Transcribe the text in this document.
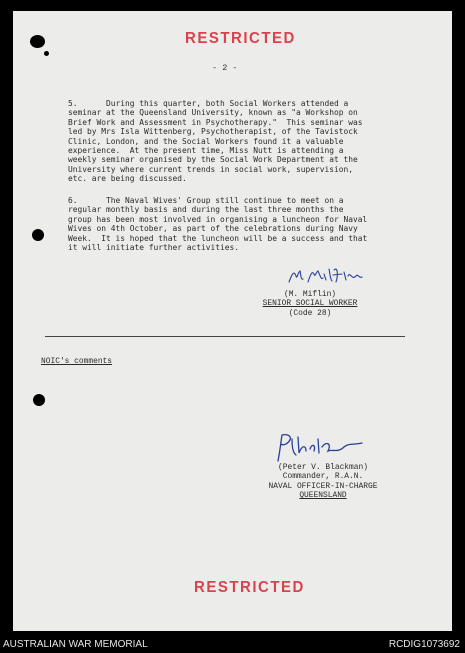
RESTRICTED
- 2 -
5.      During this quarter, both Social Workers attended a
seminar at the Queensland University, known as "a Workshop on
Brief Work and Assessment in Psychotherapy."  This seminar was
led by Mrs Isla Wittenberg, Psychotherapist, of the Tavistock
Clinic, London, and the Social Workers found it a valuable
experience.  At the present time, Miss Nutt is attending a
weekly seminar organised by the Social Work Department at the
University where current trends in social work, supervision,
etc. are being discussed.
6.      The Naval Wives' Group still continue to meet on a
regular monthly basis and during the last three months the
group has been most involved in organising a luncheon for Naval
Wives on 4th October, as part of the celebrations during Navy
Week.  It is hoped that the luncheon will be a success and that
it will initiate further activities.
(M. Miflin)
SENIOR SOCIAL WORKER
(Code 28)
NOIC's comments
(Peter V. Blackman)
Commander, R.A.N.
NAVAL OFFICER-IN-CHARGE
QUEENSLAND
RESTRICTED
AUSTRALIAN WAR MEMORIAL	RCDIG1073692
